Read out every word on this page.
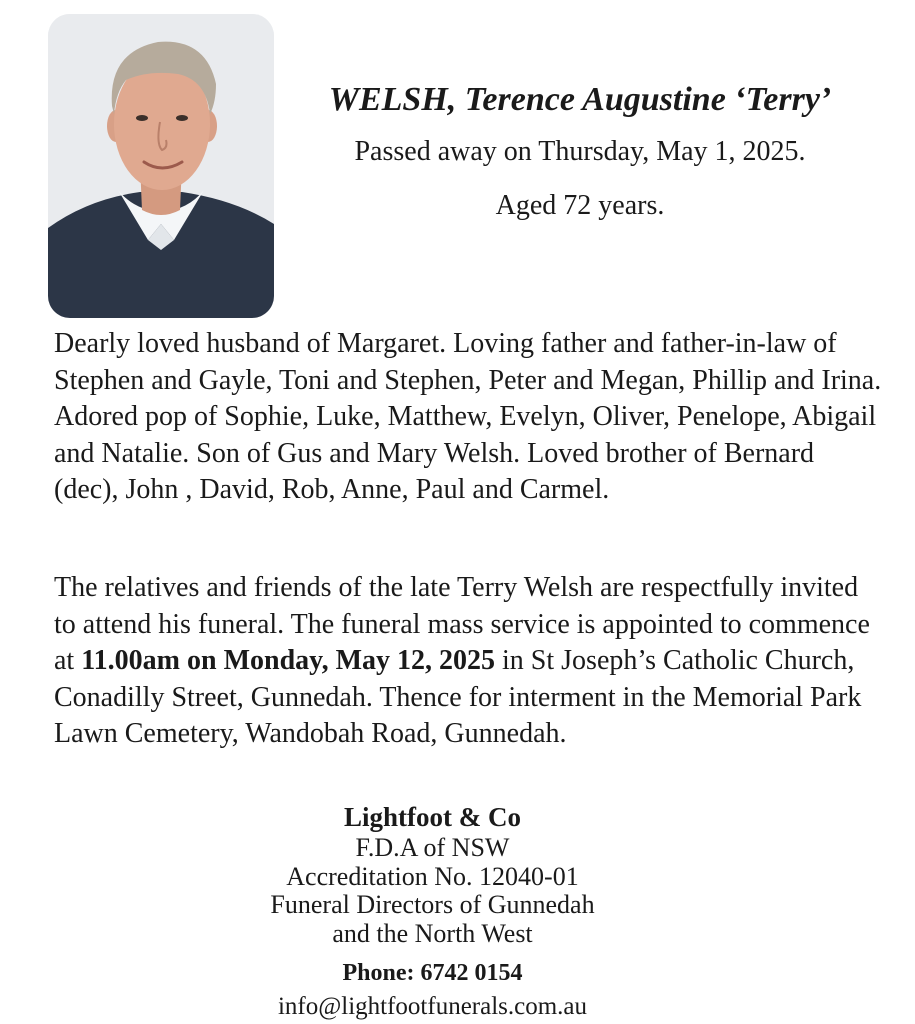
WELSH, Terence Augustine ‘Terry’

Passed away on Thursday, May 1, 2025.

Aged 72 years.

Dearly loved husband of Margaret. Loving father and father-in-law of Stephen and Gayle, Toni and Stephen, Peter and Megan, Phillip and Irina. Adored pop of Sophie, Luke, Matthew, Evelyn, Oliver, Penelope, Abigail and Natalie. Son of Gus and Mary Welsh. Loved brother of Bernard (dec), John , David, Rob, Anne, Paul and Carmel.

The relatives and friends of the late Terry Welsh are respectfully invited to attend his funeral. The funeral mass service is appointed to commence at 11.00am on Monday, May 12, 2025 in St Joseph’s Catholic Church, Conadilly Street, Gunnedah. Thence for interment in the Memorial Park Lawn Cemetery, Wandobah Road, Gunnedah.

Lightfoot & Co
F.D.A of NSW
Accreditation No. 12040-01
Funeral Directors of Gunnedah
and the North West
Phone: 6742 0154
info@lightfootfunerals.com.au
